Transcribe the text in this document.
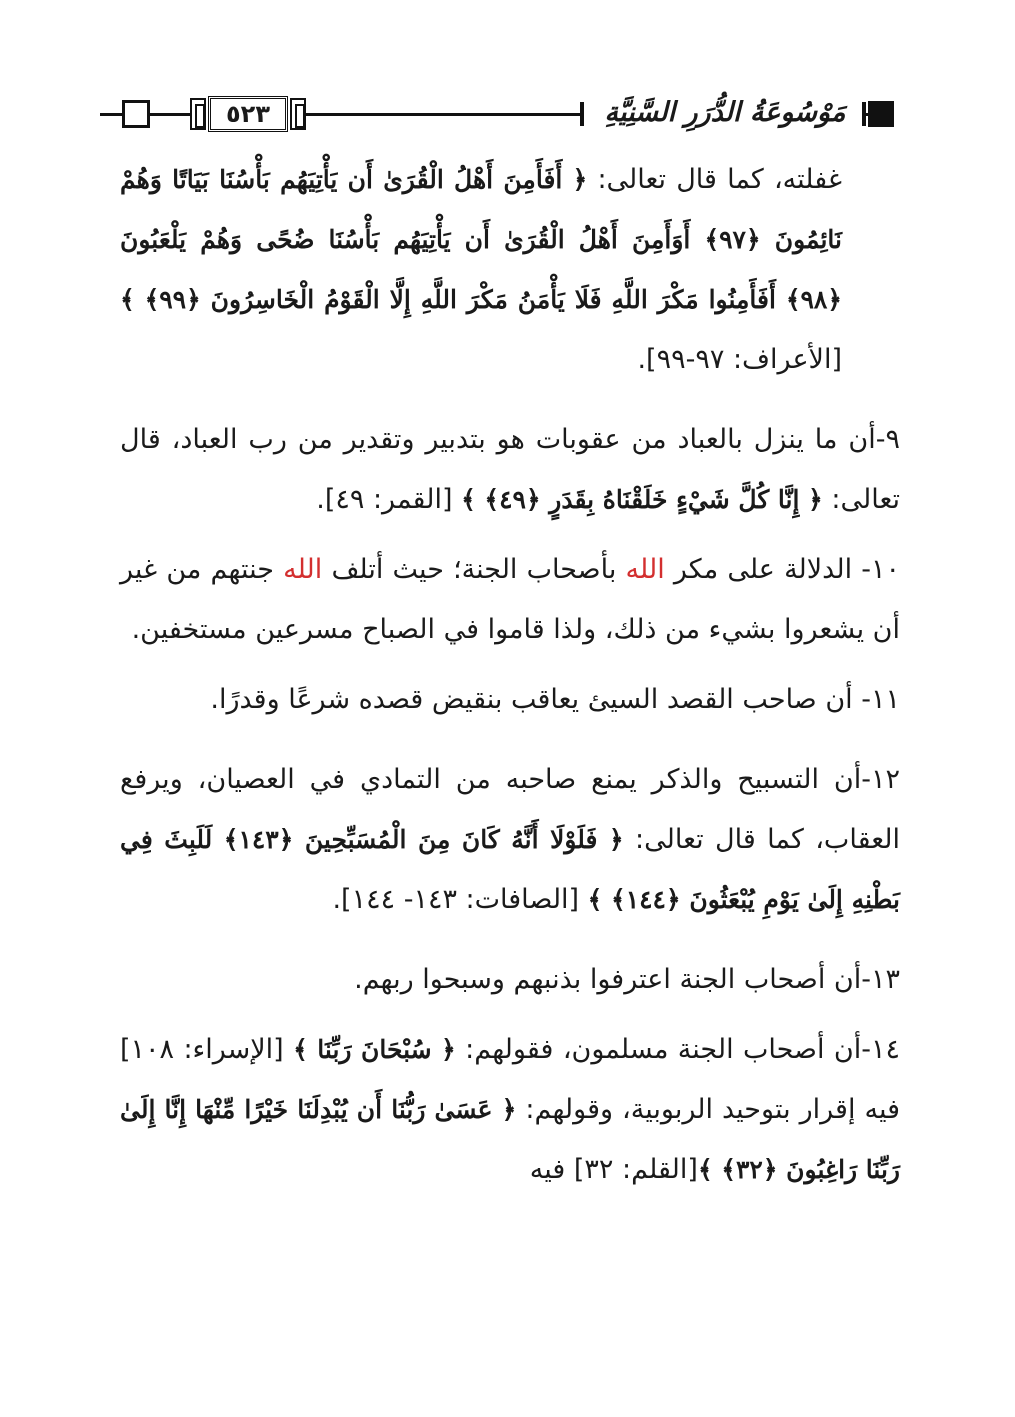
٥٢٣	مَوْسُوعَةُ الدُّرَرِ السَّنِيَّةِ

غفلته، كما قال تعالى: ﴿ أَفَأَمِنَ أَهْلُ الْقُرَىٰ أَن يَأْتِيَهُم بَأْسُنَا بَيَاتًا وَهُمْ نَائِمُونَ ﴿٩٧﴾ أَوَأَمِنَ أَهْلُ الْقُرَىٰ أَن يَأْتِيَهُم بَأْسُنَا ضُحًى وَهُمْ يَلْعَبُونَ ﴿٩٨﴾ أَفَأَمِنُوا مَكْرَ اللَّهِ فَلَا يَأْمَنُ مَكْرَ اللَّهِ إِلَّا الْقَوْمُ الْخَاسِرُونَ ﴿٩٩﴾ ﴾ [الأعراف: ٩٧-٩٩].

٩-أن ما ينزل بالعباد من عقوبات هو بتدبير وتقدير من رب العباد، قال تعالى: ﴿ إِنَّا كُلَّ شَيْءٍ خَلَقْنَاهُ بِقَدَرٍ ﴿٤٩﴾ ﴾ [القمر: ٤٩].

١٠- الدلالة على مكر الله بأصحاب الجنة؛ حيث أتلف الله جنتهم من غير أن يشعروا بشيء من ذلك، ولذا قاموا في الصباح مسرعين مستخفين.

١١- أن صاحب القصد السيئ يعاقب بنقيض قصده شرعًا وقدرًا.

١٢-أن التسبيح والذكر يمنع صاحبه من التمادي في العصيان، ويرفع العقاب، كما قال تعالى: ﴿ فَلَوْلَا أَنَّهُ كَانَ مِنَ الْمُسَبِّحِينَ ﴿١٤٣﴾ لَلَبِثَ فِي بَطْنِهِ إِلَىٰ يَوْمِ يُبْعَثُونَ ﴿١٤٤﴾ ﴾ [الصافات: ١٤٣- ١٤٤].

١٣-أن أصحاب الجنة اعترفوا بذنبهم وسبحوا ربهم.

١٤-أن أصحاب الجنة مسلمون، فقولهم: ﴿ سُبْحَانَ رَبِّنَا ﴾ [الإسراء: ١٠٨] فيه إقرار بتوحيد الربوبية، وقولهم: ﴿ عَسَىٰ رَبُّنَا أَن يُبْدِلَنَا خَيْرًا مِّنْهَا إِنَّا إِلَىٰ رَبِّنَا رَاغِبُونَ ﴿٣٢﴾ ﴾[القلم: ٣٢] فيه
